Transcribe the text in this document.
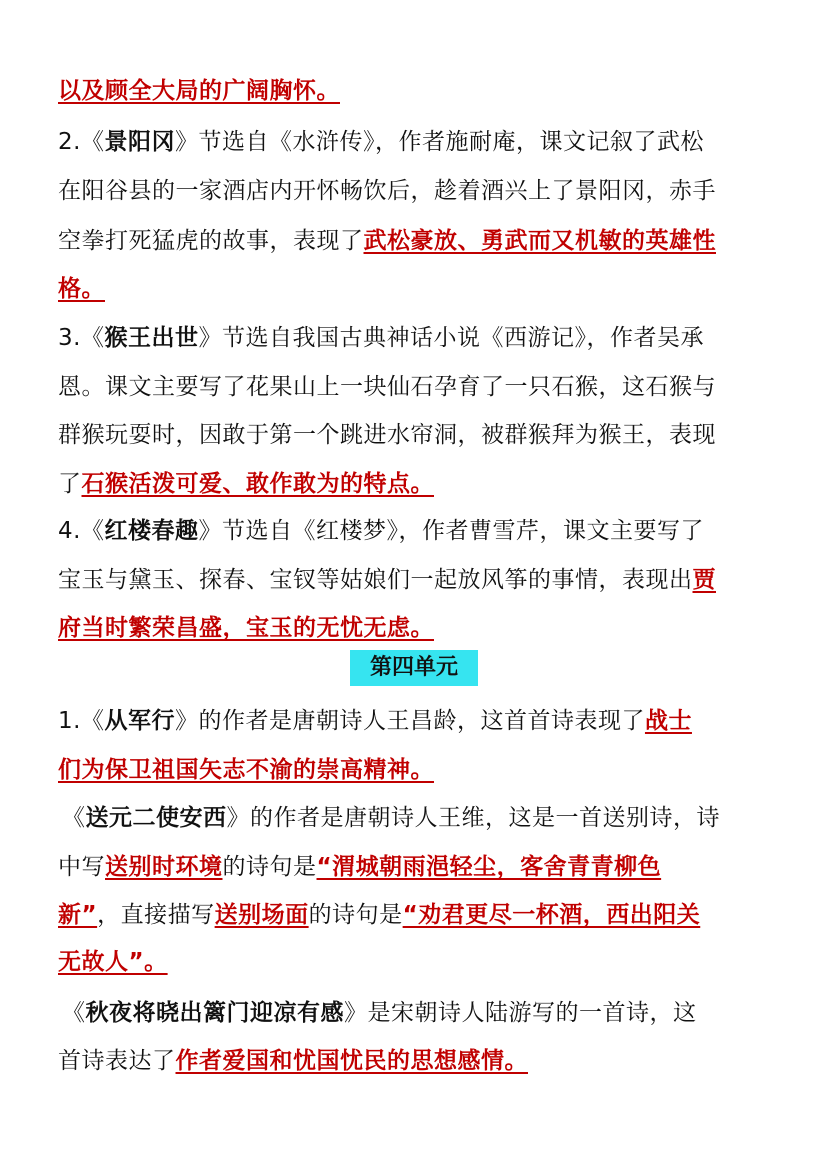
以及顾全大局的广阔胸怀。
2.《景阳冈》节选自《水浒传》，作者施耐庵，课文记叙了武松
在阳谷县的一家酒店内开怀畅饮后，趁着酒兴上了景阳冈，赤手
空拳打死猛虎的故事，表现了武松豪放、勇武而又机敏的英雄性
格。
3.《猴王出世》节选自我国古典神话小说《西游记》，作者吴承
恩。课文主要写了花果山上一块仙石孕育了一只石猴，这石猴与
群猴玩耍时，因敢于第一个跳进水帘洞，被群猴拜为猴王，表现
了石猴活泼可爱、敢作敢为的特点。
4.《红楼春趣》节选自《红楼梦》，作者曹雪芹，课文主要写了
宝玉与黛玉、探春、宝钗等姑娘们一起放风筝的事情，表现出贾
府当时繁荣昌盛，宝玉的无忧无虑。
第四单元
1.《从军行》的作者是唐朝诗人王昌龄，这首首诗表现了战士
们为保卫祖国矢志不渝的崇高精神。
《送元二使安西》的作者是唐朝诗人王维，这是一首送别诗，诗
中写送别时环境的诗句是“渭城朝雨浥轻尘，客舍青青柳色
新”，直接描写送别场面的诗句是“劝君更尽一杯酒，西出阳关
无故人”。
《秋夜将晓出篱门迎凉有感》是宋朝诗人陆游写的一首诗，这
首诗表达了作者爱国和忧国忧民的思想感情。
